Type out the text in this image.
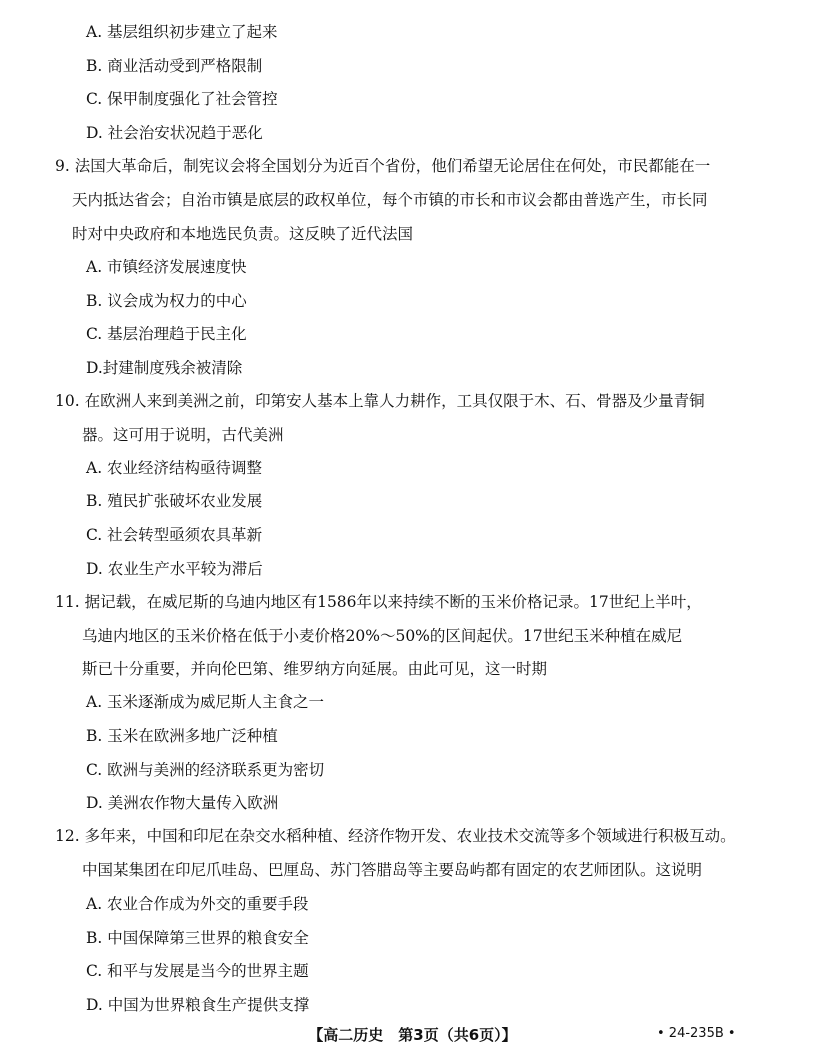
A. 基层组织初步建立了起来
B. 商业活动受到严格限制
C. 保甲制度强化了社会管控
D. 社会治安状况趋于恶化
9. 法国大革命后，制宪议会将全国划分为近百个省份，他们希望无论居住在何处，市民都能在一
天内抵达省会；自治市镇是底层的政权单位，每个市镇的市长和市议会都由普选产生，市长同
时对中央政府和本地选民负责。这反映了近代法国
A. 市镇经济发展速度快
B. 议会成为权力的中心
C. 基层治理趋于民主化
D.封建制度残余被清除
10. 在欧洲人来到美洲之前，印第安人基本上靠人力耕作，工具仅限于木、石、骨器及少量青铜
器。这可用于说明，古代美洲
A. 农业经济结构亟待调整
B. 殖民扩张破坏农业发展
C. 社会转型亟须农具革新
D. 农业生产水平较为滞后
11. 据记载，在威尼斯的乌迪内地区有1586年以来持续不断的玉米价格记录。17世纪上半叶，
乌迪内地区的玉米价格在低于小麦价格20%～50%的区间起伏。17世纪玉米种植在威尼
斯已十分重要，并向伦巴第、维罗纳方向延展。由此可见，这一时期
A. 玉米逐渐成为威尼斯人主食之一
B. 玉米在欧洲多地广泛种植
C. 欧洲与美洲的经济联系更为密切
D. 美洲农作物大量传入欧洲
12. 多年来，中国和印尼在杂交水稻种植、经济作物开发、农业技术交流等多个领域进行积极互动。
中国某集团在印尼爪哇岛、巴厘岛、苏门答腊岛等主要岛屿都有固定的农艺师团队。这说明
A. 农业合作成为外交的重要手段
B. 中国保障第三世界的粮食安全
C. 和平与发展是当今的世界主题
D. 中国为世界粮食生产提供支撑
【高二历史　第3页（共6页）】	• 24-235B •
